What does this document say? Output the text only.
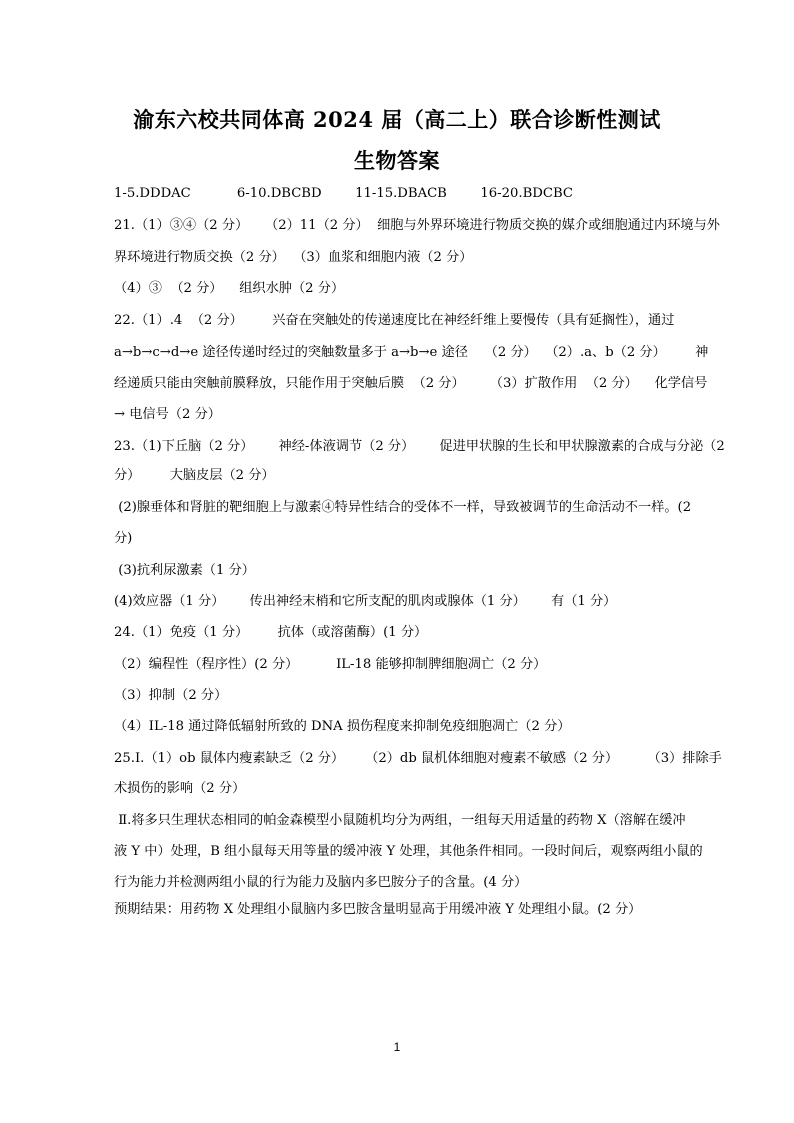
渝东六校共同体高 2024 届（高二上）联合诊断性测试
生物答案
1-5.DDDAC           6-10.DBCBD        11-15.DBACB        16-20.BDCBC
21.（1）③④（2 分）    （2）11（2 分）  细胞与外界环境进行物质交换的媒介或细胞通过内环境与外
界环境进行物质交换（2 分）  （3）血浆和细胞内液（2 分）
（4）③  （2 分）    组织水肿（2 分）
22.（1）.4  （2 分）       兴奋在突触处的传递速度比在神经纤维上要慢传（具有延搁性），通过
a→b→c→d→e 途径传递时经过的突触数量多于 a→b→e 途径    （2 分）  （2）.a、b（2 分）       神
经递质只能由突触前膜释放，只能作用于突触后膜  （2 分）      （3）扩散作用  （2 分）    化学信号
→ 电信号（2 分）
23.（1)下丘脑（2 分）      神经-体液调节（2 分）      促进甲状腺的生长和甲状腺激素的合成与分泌（2
分）       大脑皮层（2 分）
(2)腺垂体和肾脏的靶细胞上与激素④特异性结合的受体不一样，导致被调节的生命活动不一样。(2
分)
(3)抗利尿激素（1 分）
(4)效应器（1 分）      传出神经末梢和它所支配的肌肉或腺体（1 分）      有（1 分）
24.（1）免疫（1 分）       抗体（或溶菌酶）(1 分）
（2）编程性（程序性）(2 分）         IL-18 能够抑制脾细胞凋亡（2 分）
（3）抑制（2 分）
（4）IL-18 通过降低辐射所致的 DNA 损伤程度来抑制免疫细胞凋亡（2 分）
25.Ⅰ.（1）ob 鼠体内瘦素缺乏（2 分）     （2）db 鼠机体细胞对瘦素不敏感（2 分）       （3）排除手
术损伤的影响（2 分）
Ⅱ.将多只生理状态相同的帕金森模型小鼠随机均分为两组，一组每天用适量的药物 X（溶解在缓冲
液 Y 中）处理，B 组小鼠每天用等量的缓冲液 Y 处理，其他条件相同。一段时间后，观察两组小鼠的
行为能力并检测两组小鼠的行为能力及脑内多巴胺分子的含量。(4 分）
预期结果：用药物 X 处理组小鼠脑内多巴胺含量明显高于用缓冲液 Y 处理组小鼠。(2 分）
1
